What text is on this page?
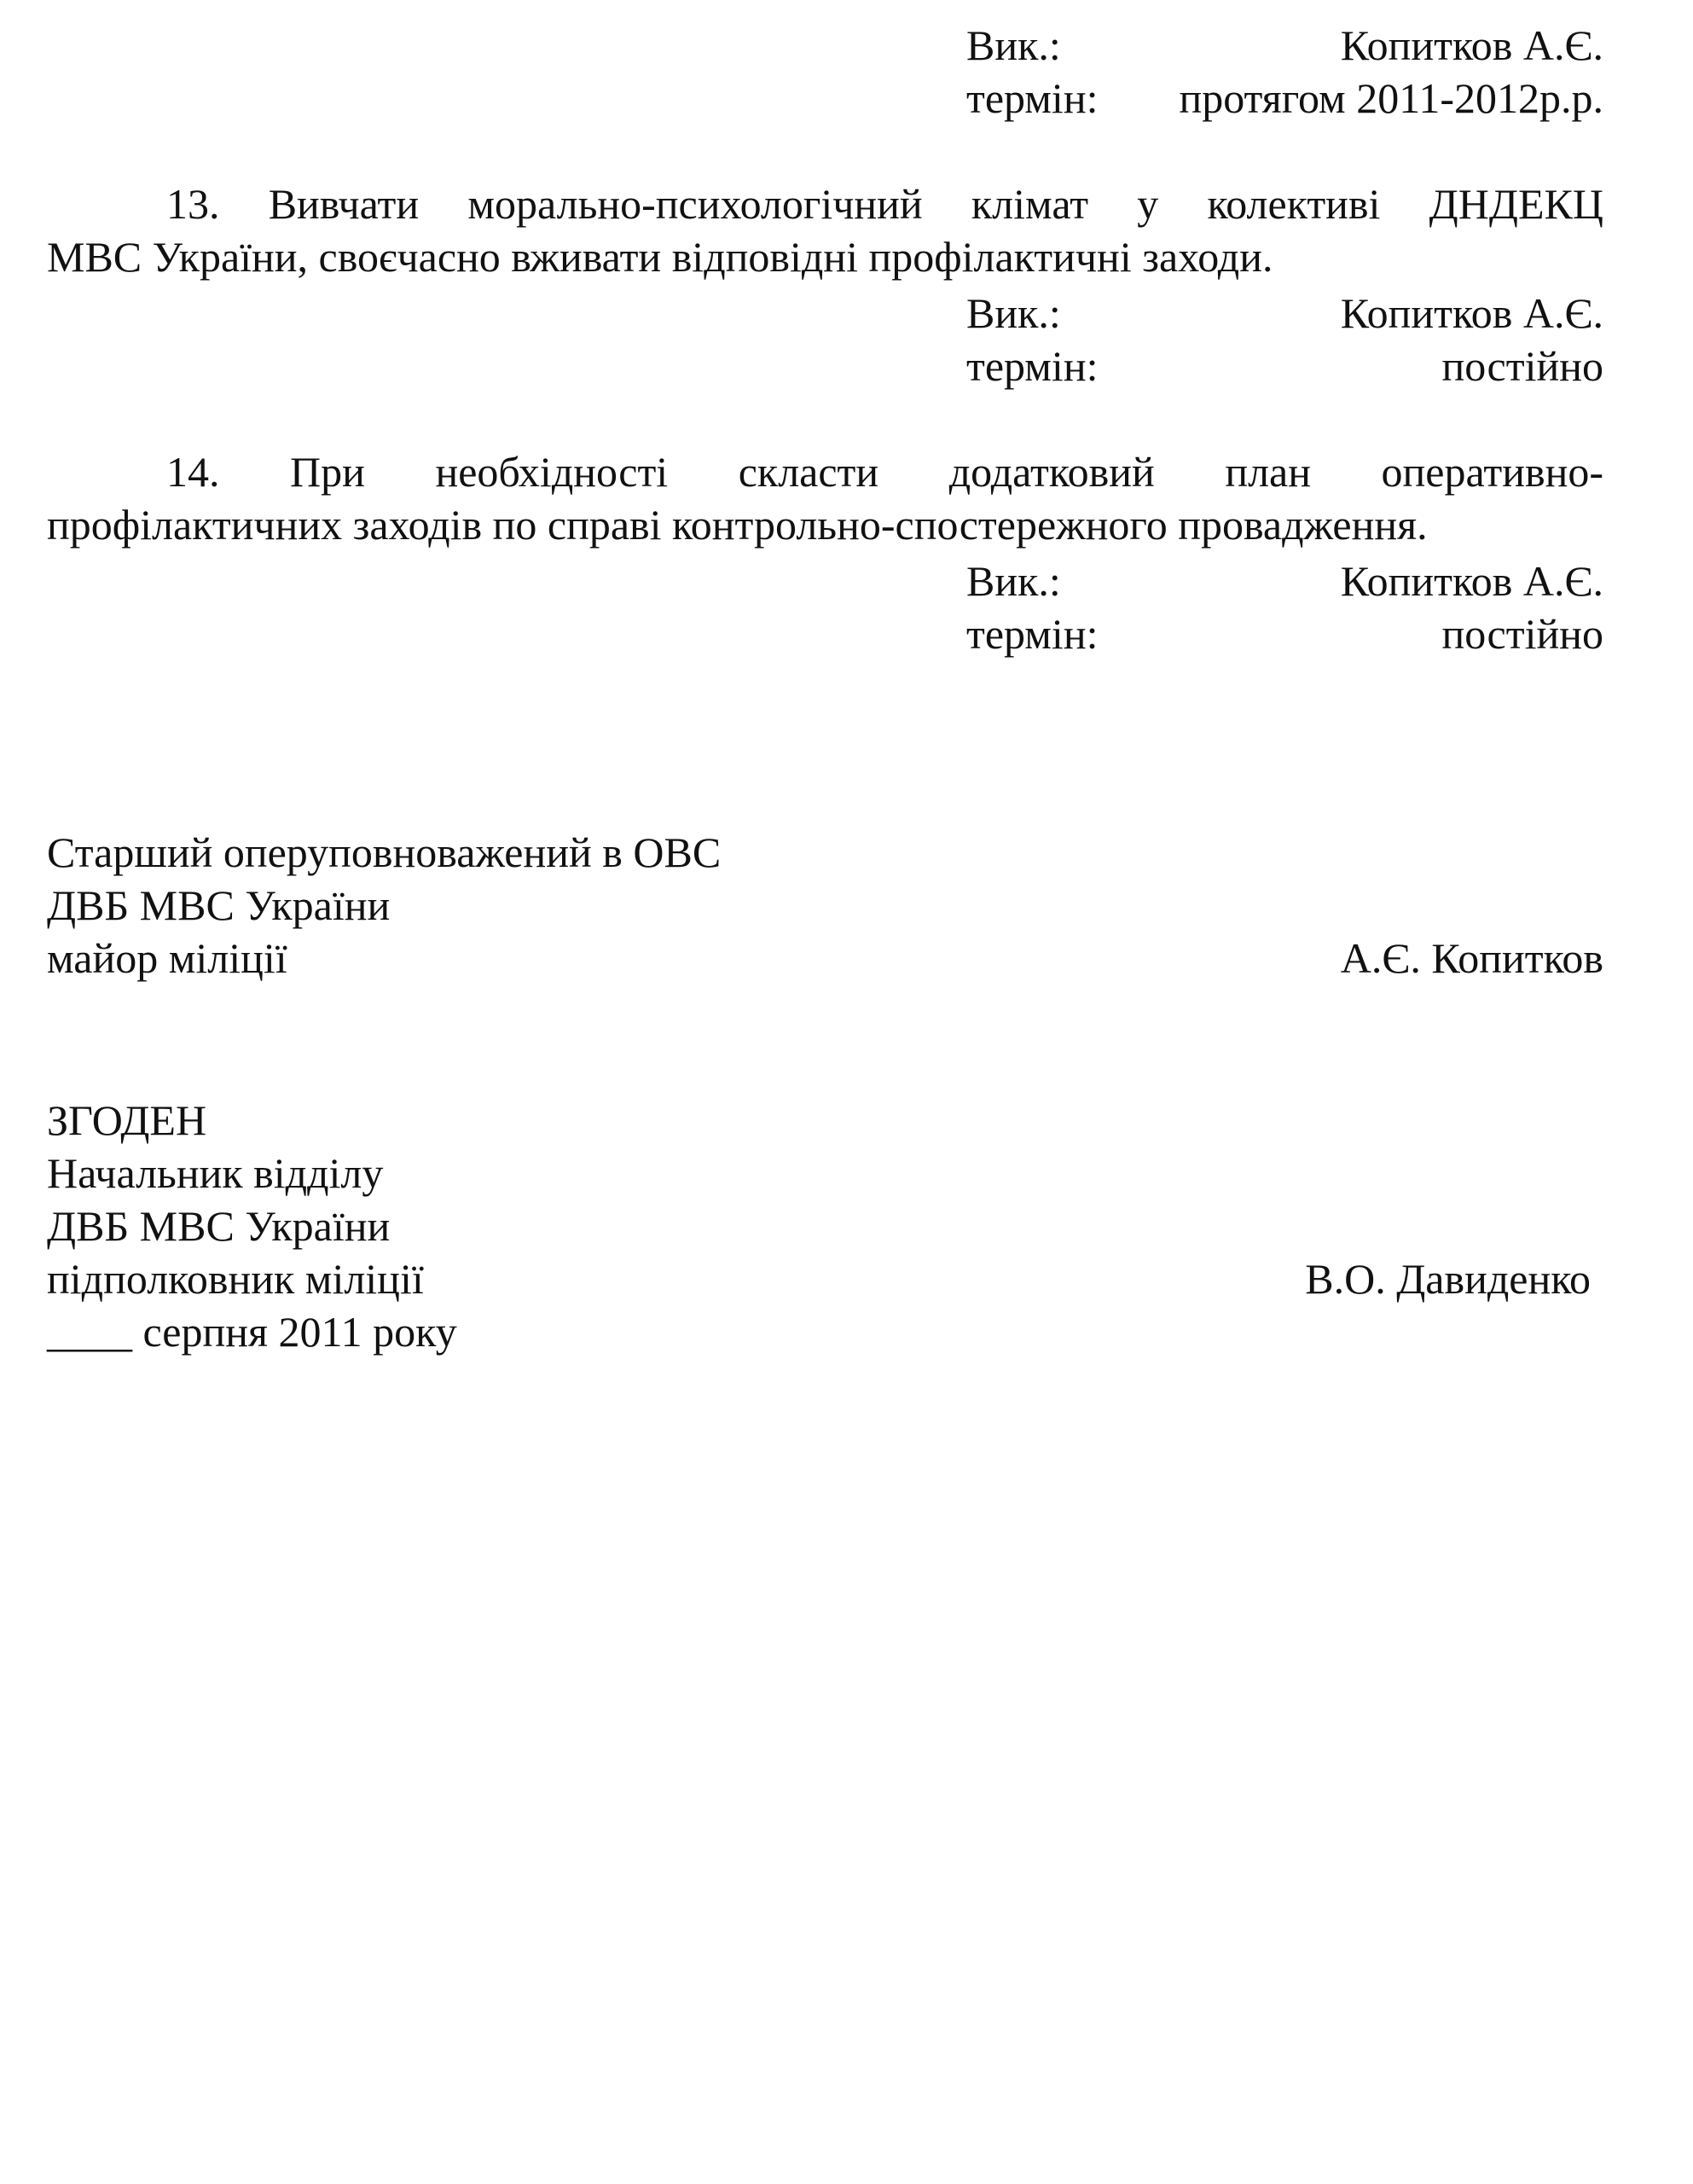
Вик.:	Копитков А.Є.
термін: протягом 2011-2012р.р.
13. Вивчати морально-психологічний клімат у колективі ДНДЕКЦ
МВС України, своєчасно вживати відповідні профілактичні заходи.
Вик.:	Копитков А.Є.
термін:	постійно
14. При необхідності скласти додатковий план оперативно-
профілактичних заходів по справі контрольно-спостережного провадження.
Вик.:	Копитков А.Є.
термін:	постійно
Старший оперуповноважений в ОВС
ДВБ МВС України
майор міліції	А.Є. Копитков
ЗГОДЕН
Начальник відділу
ДВБ МВС України
підполковник міліції	В.О. Давиденко
____ серпня 2011 року
